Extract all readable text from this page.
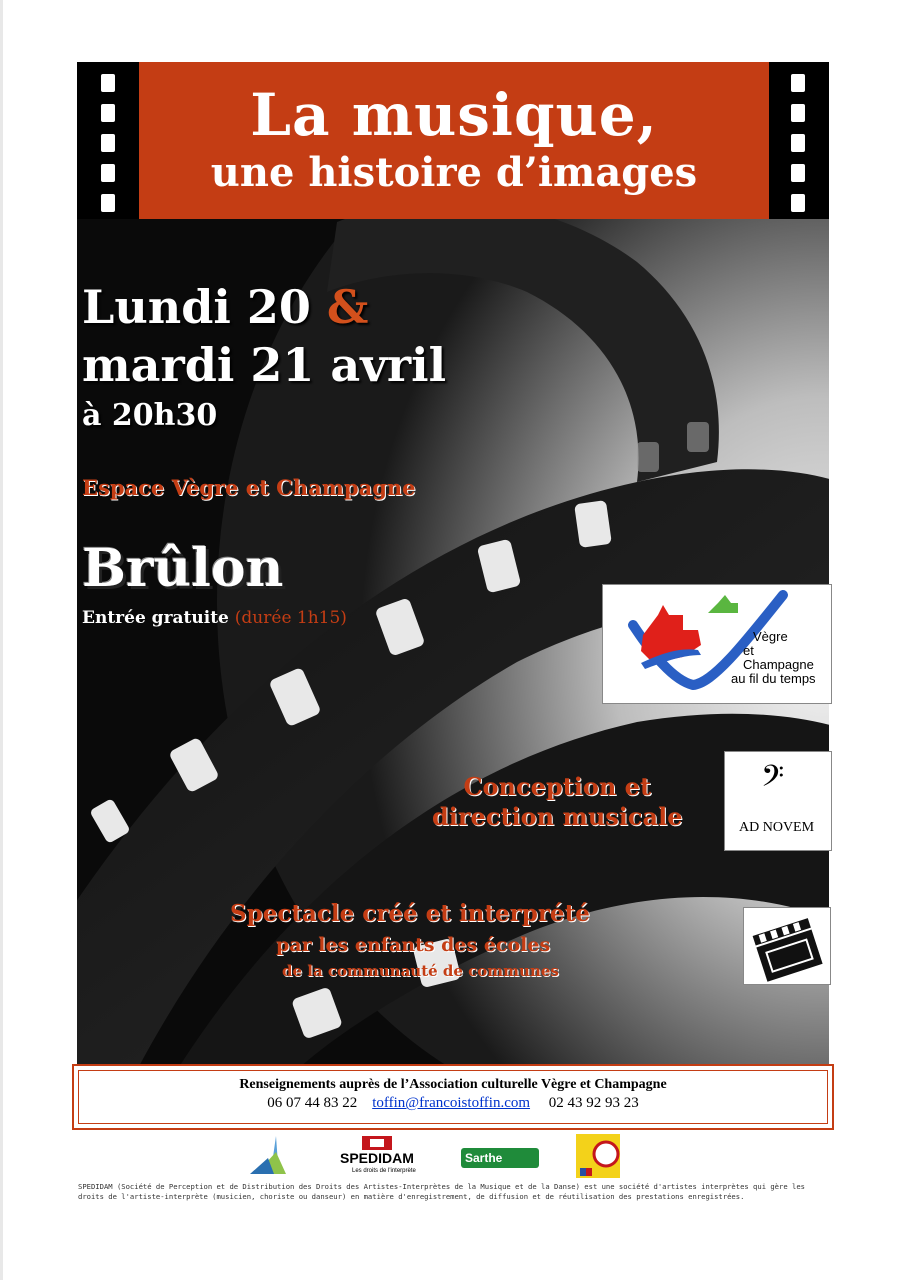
La musique,
une histoire d’images
Lundi 20 &
mardi 21 avril
à 20h30
Espace Vègre et Champagne
Brûlon
Entrée gratuite (durée 1h15)
Vègre
et
Champagne
au fil du temps
Conception et
direction musicale
𝄢
AD NOVEM
Spectacle créé et interprété
par les enfants des écoles
de la communauté de communes
Renseignements auprès de l’Association culturelle Vègre et Champagne
06 07 44 83 22 toffin@francoistoffin.com 02 43 92 93 23
SPEDIDAM
Les droits de l'interprète
Sarthe
SPEDIDAM (Société de Perception et de Distribution des Droits des Artistes-Interprètes de la Musique et de la Danse) est une société d'artistes interprètes qui gère les droits de l'artiste-interprète (musicien, choriste ou danseur) en matière d'enregistrement, de diffusion et de réutilisation des prestations enregistrées.
